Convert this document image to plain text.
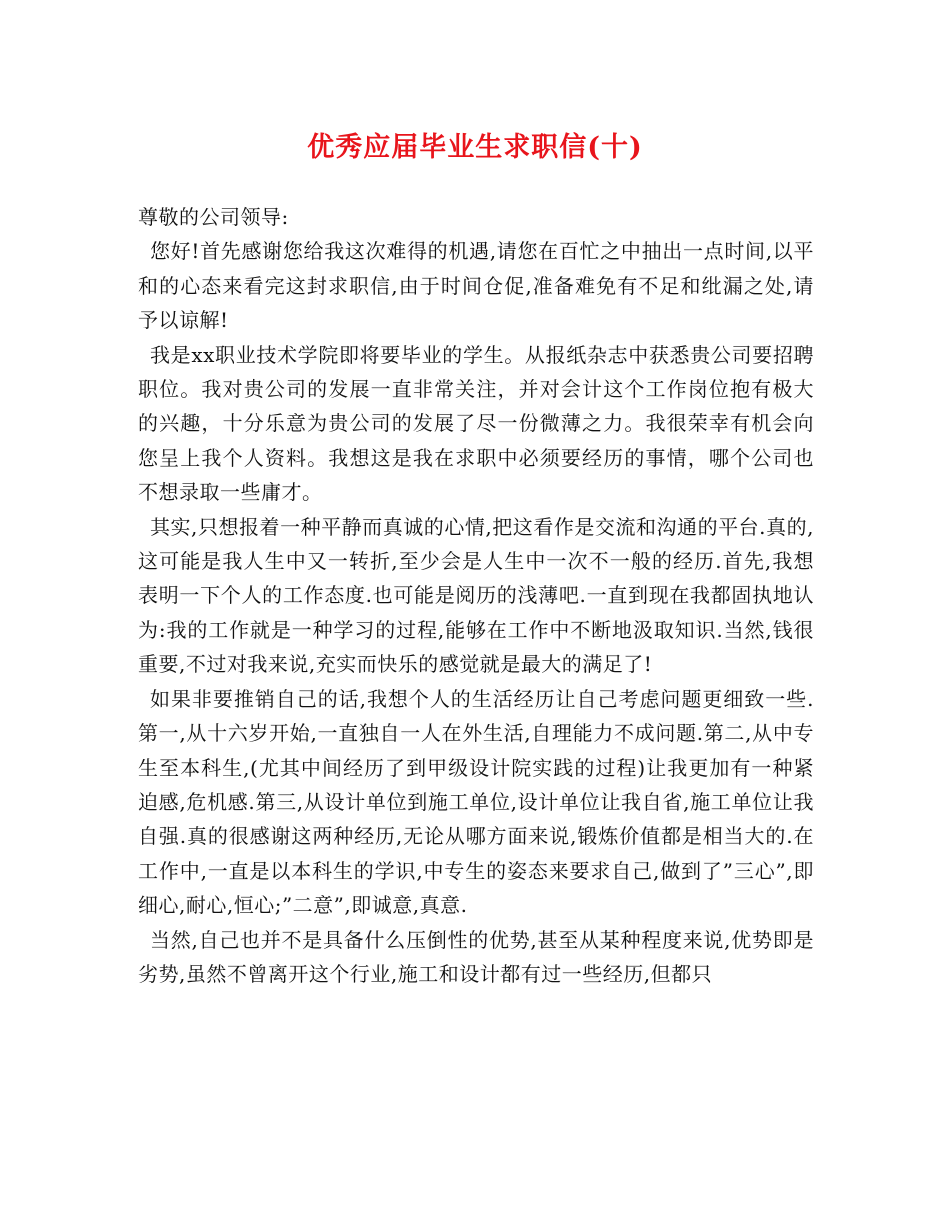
优秀应届毕业生求职信(十)

尊敬的公司领导:

您好!首先感谢您给我这次难得的机遇,请您在百忙之中抽出一点时间,以平和的心态来看完这封求职信,由于时间仓促,准备难免有不足和纰漏之处,请予以谅解!

我是xx职业技术学院即将要毕业的学生。从报纸杂志中获悉贵公司要招聘职位。我对贵公司的发展一直非常关注，并对会计这个工作岗位抱有极大的兴趣，十分乐意为贵公司的发展了尽一份微薄之力。我很荣幸有机会向您呈上我个人资料。我想这是我在求职中必须要经历的事情，哪个公司也不想录取一些庸才。

其实,只想报着一种平静而真诚的心情,把这看作是交流和沟通的平台.真的,这可能是我人生中又一转折,至少会是人生中一次不一般的经历.首先,我想表明一下个人的工作态度.也可能是阅历的浅薄吧.一直到现在我都固执地认为:我的工作就是一种学习的过程,能够在工作中不断地汲取知识.当然,钱很重要,不过对我来说,充实而快乐的感觉就是最大的满足了!

如果非要推销自己的话,我想个人的生活经历让自己考虑问题更细致一些.第一,从十六岁开始,一直独自一人在外生活,自理能力不成问题.第二,从中专生至本科生,(尤其中间经历了到甲级设计院实践的过程)让我更加有一种紧迫感,危机感.第三,从设计单位到施工单位,设计单位让我自省,施工单位让我自强.真的很感谢这两种经历,无论从哪方面来说,锻炼价值都是相当大的.在工作中,一直是以本科生的学识,中专生的姿态来要求自己,做到了”三心”,即细心,耐心,恒心;”二意”,即诚意,真意.

当然,自己也并不是具备什么压倒性的优势,甚至从某种程度来说,优势即是劣势,虽然不曾离开这个行业,施工和设计都有过一些经历,但都只
